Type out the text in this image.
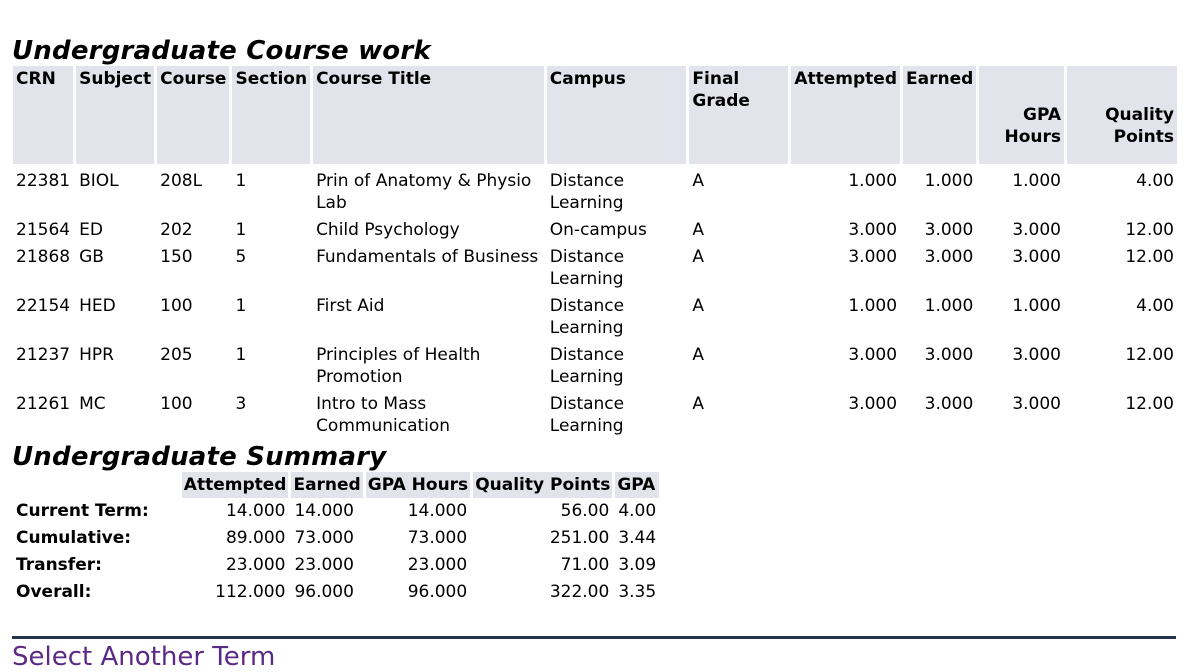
Undergraduate Course work
CRN	Subject	Course	Section	Course Title	Campus	Final Grade	Attempted	Earned	GPA Hours	Quality Points
22381	BIOL	208L	1	Prin of Anatomy & Physio Lab	Distance Learning	A	1.000	1.000	1.000	4.00
21564	ED	202	1	Child Psychology	On-campus	A	3.000	3.000	3.000	12.00
21868	GB	150	5	Fundamentals of Business	Distance Learning	A	3.000	3.000	3.000	12.00
22154	HED	100	1	First Aid	Distance Learning	A	1.000	1.000	1.000	4.00
21237	HPR	205	1	Principles of Health Promotion	Distance Learning	A	3.000	3.000	3.000	12.00
21261	MC	100	3	Intro to Mass Communication	Distance Learning	A	3.000	3.000	3.000	12.00
Undergraduate Summary
	Attempted	Earned	GPA Hours	Quality Points	GPA
Current Term:	14.000	14.000	14.000	56.00	4.00
Cumulative:	89.000	73.000	73.000	251.00	3.44
Transfer:	23.000	23.000	23.000	71.00	3.09
Overall:	112.000	96.000	96.000	322.00	3.35
Select Another Term
